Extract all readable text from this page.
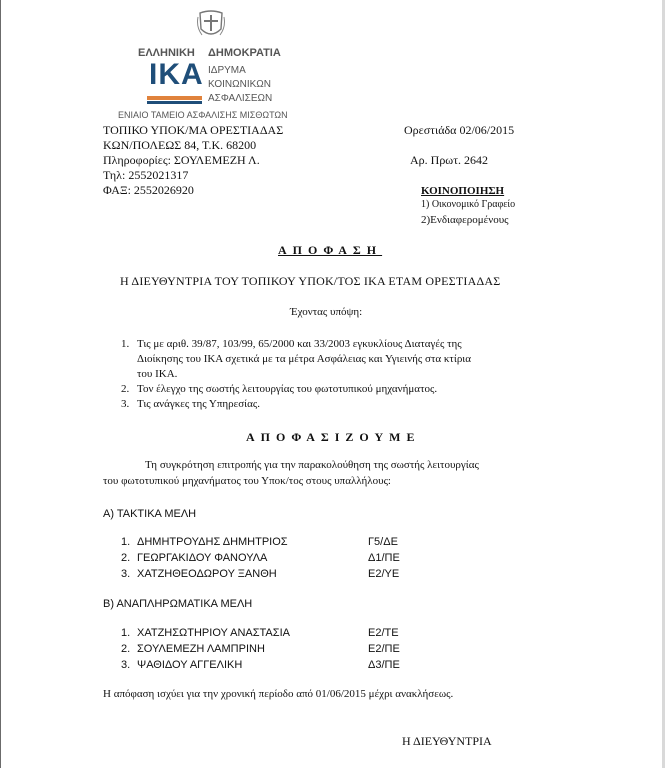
ΕΛΛΗΝΙΚΗ ΔΗΜΟΚΡΑΤΙΑ
ΙΚΑ ΙΔΡΥΜΑ
ΚΟΙΝΩΝΙΚΩΝ
ΑΣΦΑΛΙΣΕΩΝ
ΕΝΙΑΙΟ ΤΑΜΕΙΟ ΑΣΦΑΛΙΣΗΣ ΜΙΣΘΩΤΩΝ
ΤΟΠΙΚΟ ΥΠΟΚ/ΜΑ ΟΡΕΣΤΙΑΔΑΣ
ΚΩΝ/ΠΟΛΕΩΣ 84, Τ.Κ. 68200
Πληροφορίες: ΣΟΥΛΕΜΕΖΗ Λ.
Τηλ: 2552021317
ΦΑΞ: 2552026920
Ορεστιάδα 02/06/2015
Αρ. Πρωτ. 2642
ΚΟΙΝΟΠΟΙΗΣΗ
1) Οικονομικό Γραφείο
2)Ενδιαφερομένους
ΑΠΟΦΑΣΗ
Η ΔΙΕΥΘΥΝΤΡΙΑ ΤΟΥ ΤΟΠΙΚΟΥ ΥΠΟΚ/ΤΟΣ ΙΚΑ ΕΤΑΜ ΟΡΕΣΤΙΑΔΑΣ
Έχοντας υπόψη:
1. Τις με αριθ. 39/87, 103/99, 65/2000 και 33/2003 εγκυκλίους Διαταγές της
Διοίκησης του ΙΚΑ σχετικά με τα μέτρα Ασφάλειας και Υγιεινής στα κτίρια
του ΙΚΑ.
2. Τον έλεγχο της σωστής λειτουργίας του φωτοτυπικού μηχανήματος.
3. Τις ανάγκες της Υπηρεσίας.
ΑΠΟΦΑΣΙΖΟΥΜΕ
Τη συγκρότηση επιτροπής για την παρακολούθηση της σωστής λειτουργίας
του φωτοτυπικού μηχανήματος του Υποκ/τος στους υπαλλήλους:
Α) ΤΑΚΤΙΚΑ ΜΕΛΗ
1. ΔΗΜΗΤΡΟΥΔΗΣ ΔΗΜΗΤΡΙΟΣ	Γ5/ΔΕ
2. ΓΕΩΡΓΑΚΙΔΟΥ ΦΑΝΟΥΛΑ	Δ1/ΠΕ
3. ΧΑΤΖΗΘΕΟΔΩΡΟΥ ΞΑΝΘΗ	Ε2/ΥΕ
Β) ΑΝΑΠΛΗΡΩΜΑΤΙΚΑ ΜΕΛΗ
1. ΧΑΤΖΗΣΩΤΗΡΙΟΥ ΑΝΑΣΤΑΣΙΑ	Ε2/ΤΕ
2. ΣΟΥΛΕΜΕΖΗ ΛΑΜΠΡΙΝΗ	Ε2/ΠΕ
3. ΨΑΘΙΔΟΥ ΑΓΓΕΛΙΚΗ	Δ3/ΠΕ
Η απόφαση ισχύει για την χρονική περίοδο από 01/06/2015 μέχρι ανακλήσεως.
Η ΔΙΕΥΘΥΝΤΡΙΑ
